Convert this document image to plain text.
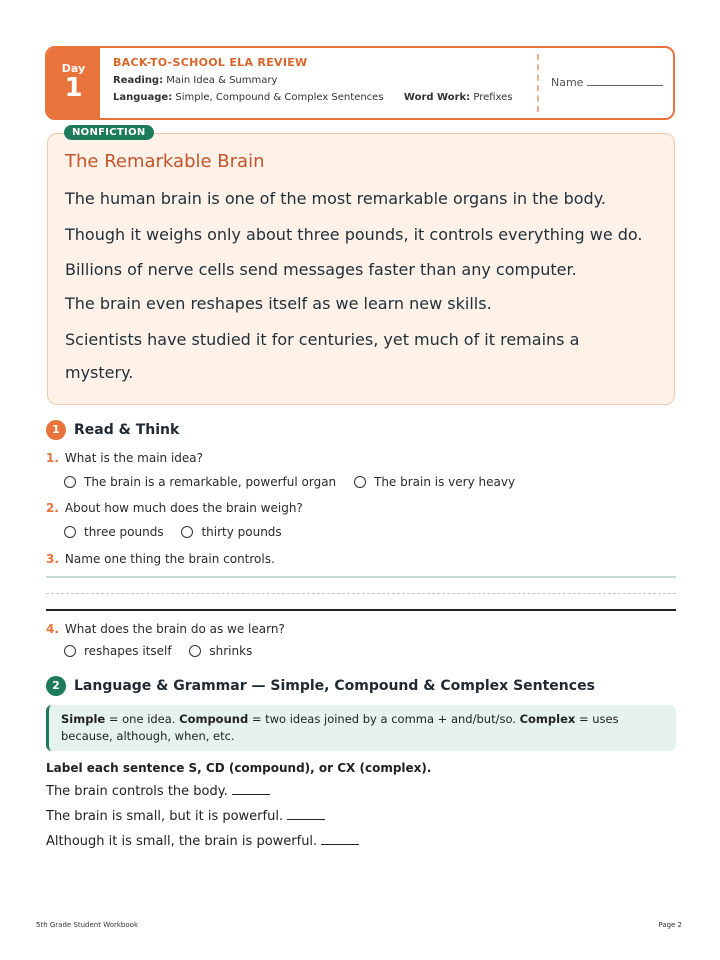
Day
1
BACK-TO-SCHOOL ELA REVIEW
Reading: Main Idea & Summary
Language: Simple, Compound & Complex Sentences Word Work: Prefixes
Name
NONFICTION
The Remarkable Brain
The human brain is one of the most remarkable organs in the body.
Though it weighs only about three pounds, it controls everything we do.
Billions of nerve cells send messages faster than any computer.
The brain even reshapes itself as we learn new skills.
Scientists have studied it for centuries, yet much of it remains a
mystery.
1 Read & Think
1. What is the main idea?
The brain is a remarkable, powerful organ	The brain is very heavy
2. About how much does the brain weigh?
three pounds	thirty pounds
3. Name one thing the brain controls.
4. What does the brain do as we learn?
reshapes itself	shrinks
2 Language & Grammar — Simple, Compound & Complex Sentences
Simple = one idea. Compound = two ideas joined by a comma + and/but/so. Complex = uses because, although, when, etc.
Label each sentence S, CD (compound), or CX (complex).
The brain controls the body.
The brain is small, but it is powerful.
Although it is small, the brain is powerful.
5th Grade Student Workbook	Page 2
